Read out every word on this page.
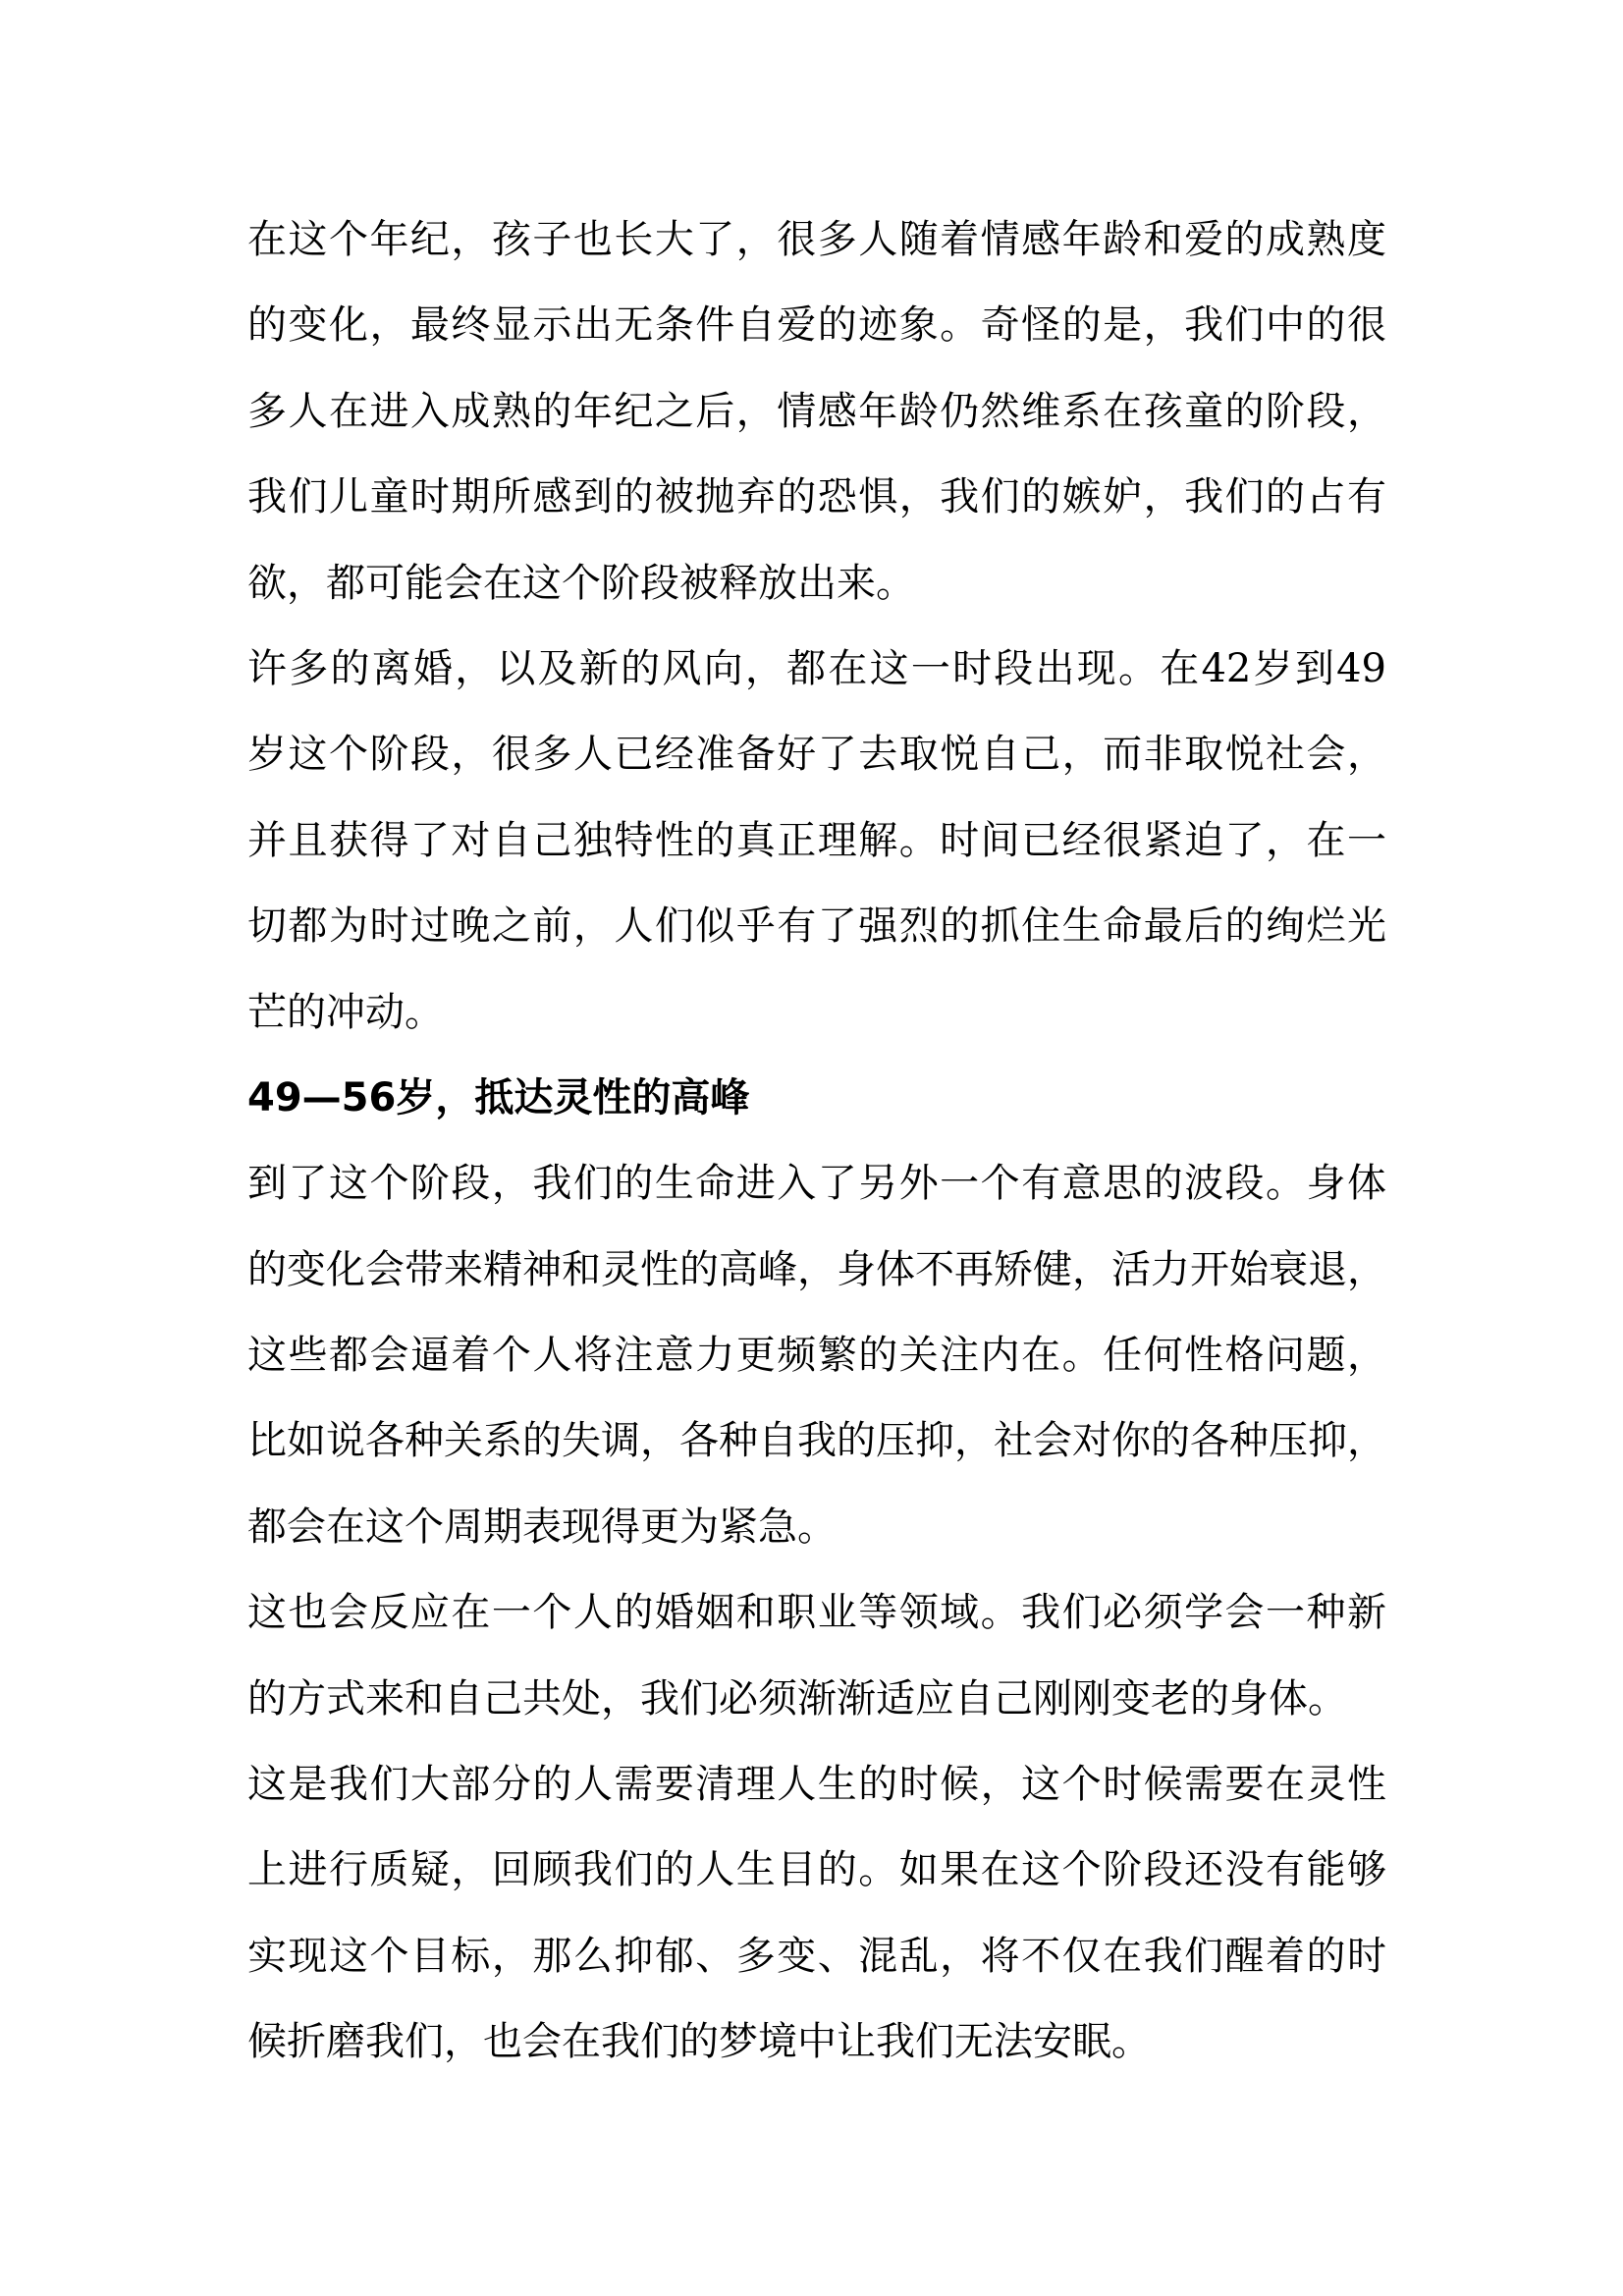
在这个年纪，孩子也长大了，很多人随着情感年龄和爱的成熟度
的变化，最终显示出无条件自爱的迹象。奇怪的是，我们中的很
多人在进入成熟的年纪之后，情感年龄仍然维系在孩童的阶段，
我们儿童时期所感到的被抛弃的恐惧，我们的嫉妒，我们的占有
欲，都可能会在这个阶段被释放出来。
许多的离婚，以及新的风向，都在这一时段出现。在42岁到49
岁这个阶段，很多人已经准备好了去取悦自己，而非取悦社会，
并且获得了对自己独特性的真正理解。时间已经很紧迫了，在一
切都为时过晚之前，人们似乎有了强烈的抓住生命最后的绚烂光
芒的冲动。
49—56岁，抵达灵性的高峰
到了这个阶段，我们的生命进入了另外一个有意思的波段。身体
的变化会带来精神和灵性的高峰，身体不再矫健，活力开始衰退，
这些都会逼着个人将注意力更频繁的关注内在。任何性格问题，
比如说各种关系的失调，各种自我的压抑，社会对你的各种压抑，
都会在这个周期表现得更为紧急。
这也会反应在一个人的婚姻和职业等领域。我们必须学会一种新
的方式来和自己共处，我们必须渐渐适应自己刚刚变老的身体。
这是我们大部分的人需要清理人生的时候，这个时候需要在灵性
上进行质疑，回顾我们的人生目的。如果在这个阶段还没有能够
实现这个目标，那么抑郁、多变、混乱，将不仅在我们醒着的时
候折磨我们，也会在我们的梦境中让我们无法安眠。
